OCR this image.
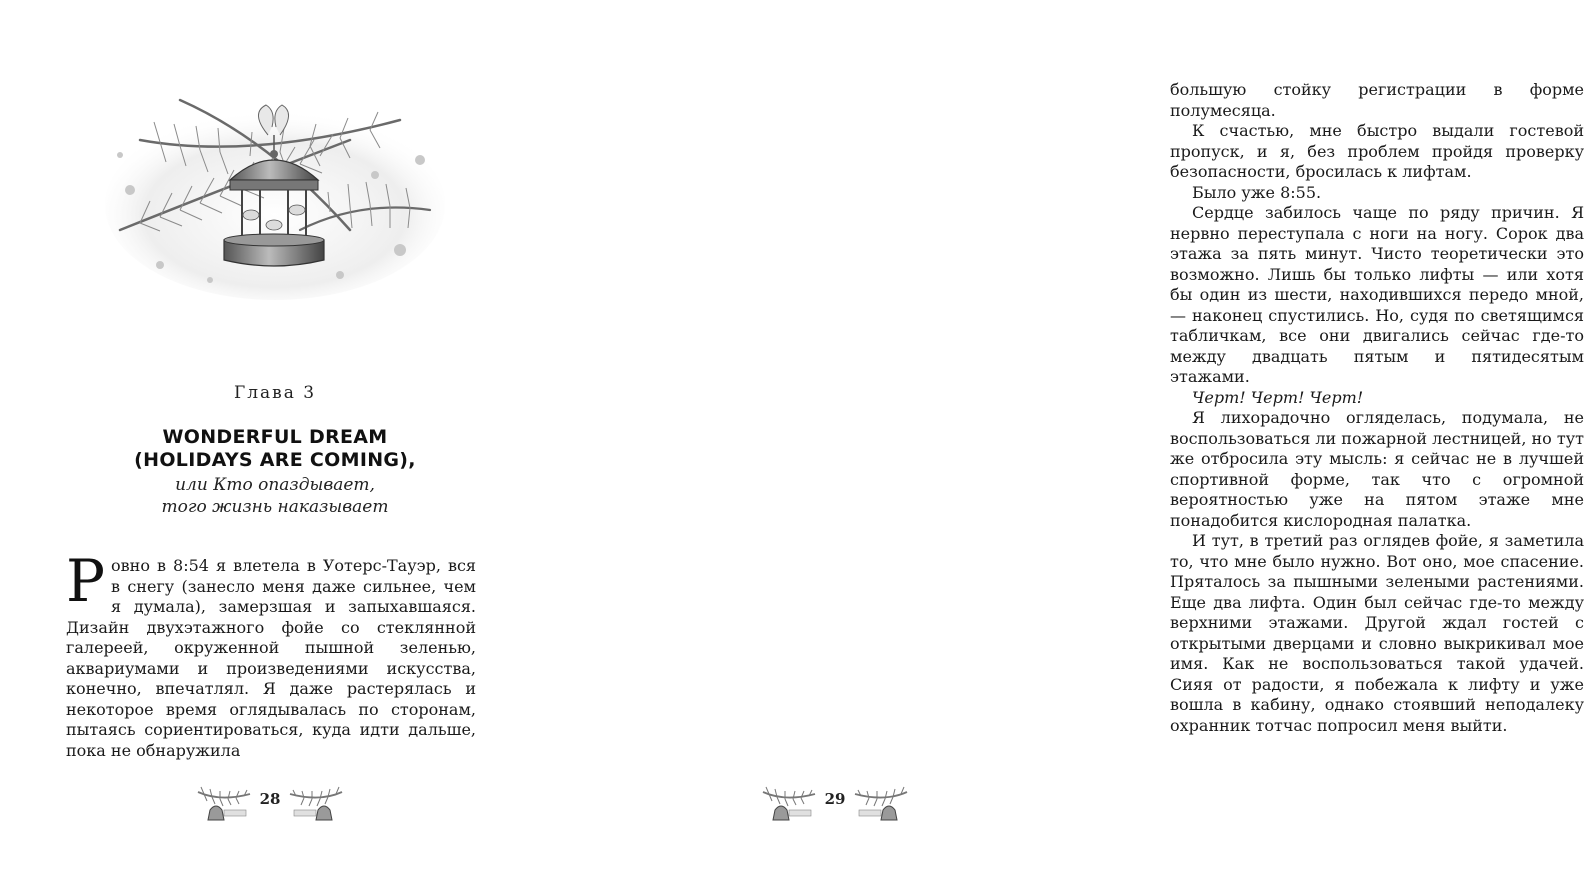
Глава 3
WONDERFUL DREAM
(HOLIDAYS ARE COMING),
или Кто опаздывает,
того жизнь наказывает

Ровно в 8:54 я влетела в Уотерс-Тауэр, вся в снегу (занесло меня даже сильнее, чем я думала), замерзшая и запыхавшаяся. Дизайн двухэтажного фойе со стеклянной галереей, окруженной пышной зеленью, аквариумами и произведениями искусства, конечно, впечатлял. Я даже растерялась и некоторое время оглядывалась по сторонам, пытаясь сориентироваться, куда идти дальше, пока не обнаружила

28

большую стойку регистрации в форме полумесяца.

К счастью, мне быстро выдали гостевой пропуск, и я, без проблем пройдя проверку безопасности, бросилась к лифтам.

Было уже 8:55.

Сердце забилось чаще по ряду причин. Я нервно переступала с ноги на ногу. Сорок два этажа за пять минут. Чисто теоретически это возможно. Лишь бы только лифты — или хотя бы один из шести, находившихся передо мной, — наконец спустились. Но, судя по светящимся табличкам, все они двигались сейчас где-то между двадцать пятым и пятидесятым этажами.

Черт! Черт! Черт!

Я лихорадочно огляделась, подумала, не воспользоваться ли пожарной лестницей, но тут же отбросила эту мысль: я сейчас не в лучшей спортивной форме, так что с огромной вероятностью уже на пятом этаже мне понадобится кислородная палатка.

И тут, в третий раз оглядев фойе, я заметила то, что мне было нужно. Вот оно, мое спасение. Пряталось за пышными зелеными растениями. Еще два лифта. Один был сейчас где-то между верхними этажами. Другой ждал гостей с открытыми дверцами и словно выкрикивал мое имя. Как не воспользоваться такой удачей. Сияя от радости, я побежала к лифту и уже вошла в кабину, однако стоявший неподалеку охранник тотчас попросил меня выйти.

29
